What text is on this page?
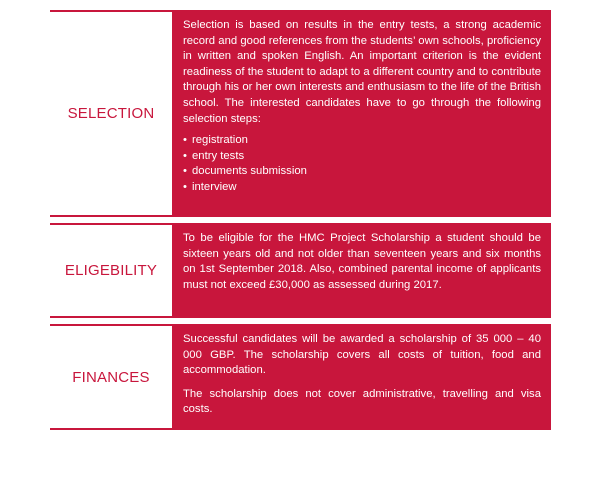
SELECTION

Selection is based on results in the entry tests, a strong academic record and good references from the students’ own schools, proficiency in written and spoken English. An important criterion is the evident readiness of the student to adapt to a different country and to contribute through his or her own interests and enthusiasm to the life of the British school. The interested candidates have to go through the following selection steps:

• registration
• entry tests
• documents submission
• interview
ELIGEBILITY

To be eligible for the HMC Project Scholarship a student should be sixteen years old and not older than seventeen years and six months on 1st September 2018. Also, combined parental income of applicants must not exceed £30,000 as assessed during 2017.

FINANCES

Successful candidates will be awarded a scholarship of 35 000 – 40 000 GBP. The scholarship covers all costs of tuition, food and accommodation.

The scholarship does not cover administrative, travelling and visa costs.
